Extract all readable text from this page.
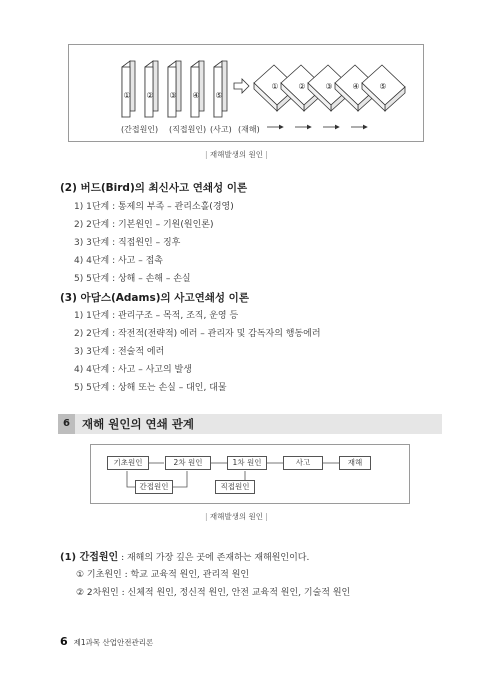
① ② ③ ④ ⑤
① ② ③ ④ ⑤
(간접원인) (직접원인) (사고) (재해)
| 재해발생의 원인 |
(2) 버드(Bird)의 최신사고 연쇄성 이론
1) 1단계 : 통제의 부족 – 관리소홀(경영)
2) 2단계 : 기본원인 – 기원(원인론)
3) 3단계 : 직접원인 – 징후
4) 4단계 : 사고 – 접촉
5) 5단계 : 상해 – 손해 – 손실
(3) 아담스(Adams)의 사고연쇄성 이론
1) 1단계 : 관리구조 – 목적, 조직, 운영 등
2) 2단계 : 작전적(전략적) 에러 – 관리자 및 감독자의 행동에러
3) 3단계 : 전술적 에러
4) 4단계 : 사고 – 사고의 발생
5) 5단계 : 상해 또는 손실 – 대인, 대물
6	재해 원인의 연쇄 관계
기초원인	2차 원인	1차 원인	사고	재해
간접원인	직접원인
| 재해발생의 원인 |
(1) 간접원인 : 재해의 가장 깊은 곳에 존재하는 재해원인이다.
① 기초원인 : 학교 교육적 원인, 관리적 원인
② 2차원인 : 신체적 원인, 정신적 원인, 안전 교육적 원인, 기술적 원인
6 제1과목 산업안전관리론
